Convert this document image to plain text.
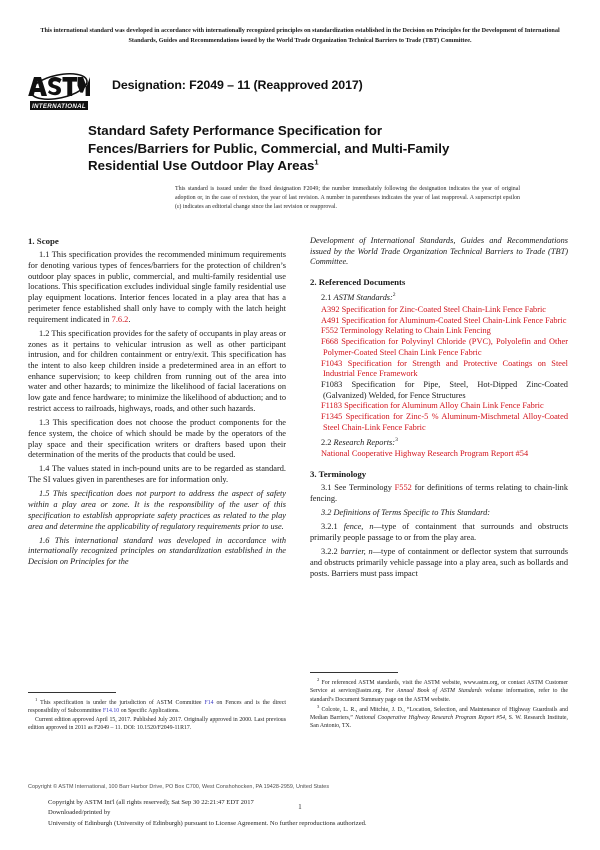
This international standard was developed in accordance with internationally recognized principles on standardization established in the Decision on Principles for the Development of International Standards, Guides and Recommendations issued by the World Trade Organization Technical Barriers to Trade (TBT) Committee.
INTERNATIONAL
Designation: F2049 – 11 (Reapproved 2017)
Standard Safety Performance Specification for
Fences/Barriers for Public, Commercial, and Multi-Family
Residential Use Outdoor Play Areas$^1$
This standard is issued under the fixed designation F2049; the number immediately following the designation indicates the year of original adoption or, in the case of revision, the year of last revision. A number in parentheses indicates the year of last reapproval. A superscript epsilon (ε) indicates an editorial change since the last revision or reapproval.
1. Scope

1.1 This specification provides the recommended minimum requirements for denoting various types of fences/barriers for the protection of children’s outdoor play spaces in public, commercial, and multi-family residential use locations. This specification excludes individual single family residential use play equipment locations. Interior fences located in a play area that has a perimeter fence established shall only have to comply with the latch height requirement indicated in 7.6.2.

1.2 This specification provides for the safety of occupants in play areas or zones as it pertains to vehicular intrusion as well as other participant intrusion, and for children containment or entry/exit. This specification has the intent to also keep children inside a predetermined area in an effort to enhance supervision; to keep children from running out of the area into water and other hazards; to minimize the likelihood of facial lacerations on low gate and fence hardware; to minimize the likelihood of abduction; and to restrict access to railroads, highways, roads, and other such hazards.

1.3 This specification does not choose the product components for the fence system, the choice of which should be made by the operators of the play space and their specification writers or drafters based upon their determination of the merits of the products that could be used.

1.4 The values stated in inch-pound units are to be regarded as standard. The SI values given in parentheses are for information only.

1.5 This specification does not purport to address the aspect of safety within a play area or zone. It is the responsibility of the user of this specification to establish appropriate safety practices as related to the play area and determine the applicability of regulatory requirements prior to use.

1.6 This international standard was developed in accordance with internationally recognized principles on standardization established in the Decision on Principles for the

Development of International Standards, Guides and Recommendations issued by the World Trade Organization Technical Barriers to Trade (TBT) Committee.

2. Referenced Documents
2.1 ASTM Standards:$^2$

A392 Specification for Zinc-Coated Steel Chain-Link Fence Fabric

A491 Specification for Aluminum-Coated Steel Chain-Link Fence Fabric

F552 Terminology Relating to Chain Link Fencing

F668 Specification for Polyvinyl Chloride (PVC), Polyolefin and Other Polymer-Coated Steel Chain Link Fence Fabric

F1043 Specification for Strength and Protective Coatings on Steel Industrial Fence Framework

F1083 Specification for Pipe, Steel, Hot-Dipped Zinc-Coated (Galvanized) Welded, for Fence Structures

F1183 Specification for Aluminum Alloy Chain Link Fence Fabric

F1345 Specification for Zinc-5 % Aluminum-Mischmetal Alloy-Coated Steel Chain-Link Fence Fabric

2.2 Research Reports:$^3$

National Cooperative Highway Research Program Report #54

3. Terminology

3.1 See Terminology F552 for definitions of terms relating to chain-link fencing.

3.2 Definitions of Terms Specific to This Standard:

3.2.1 fence, n—type of containment that surrounds and obstructs primarily people passage to or from the play area.

3.2.2 barrier, n—type of containment or deflector system that surrounds and obstructs primarily vehicle passage into a play area, such as bollards and posts. Barriers must pass impact

$^1$ This specification is under the jurisdiction of ASTM Committee F14 on Fences and is the direct responsibility of Subcommittee F14.10 on Specific Applications.

Current edition approved April 15, 2017. Published July 2017. Originally approved in 2000. Last previous edition approved in 2011 as F2049 – 11. DOI: 10.1520/F2049-11R17.

$^2$ For referenced ASTM standards, visit the ASTM website, www.astm.org, or contact ASTM Customer Service at service@astm.org. For Annual Book of ASTM Standards volume information, refer to the standard’s Document Summary page on the ASTM website.

$^3$ Colcote, L. R., and Mitchie, J. D., “Location, Selection, and Maintenance of Highway Guardrails and Median Barriers,” National Cooperative Highway Research Program Report #54, S. W. Research Institute, San Antonio, TX.

Copyright © ASTM International, 100 Barr Harbor Drive, PO Box C700, West Conshohocken, PA 19428-2959, United States
Copyright by ASTM Int'l (all rights reserved); Sat Sep 30 22:21:47 EDT 2017
Downloaded/printed by
University of Edinburgh (University of Edinburgh) pursuant to License Agreement. No further reproductions authorized.
1
